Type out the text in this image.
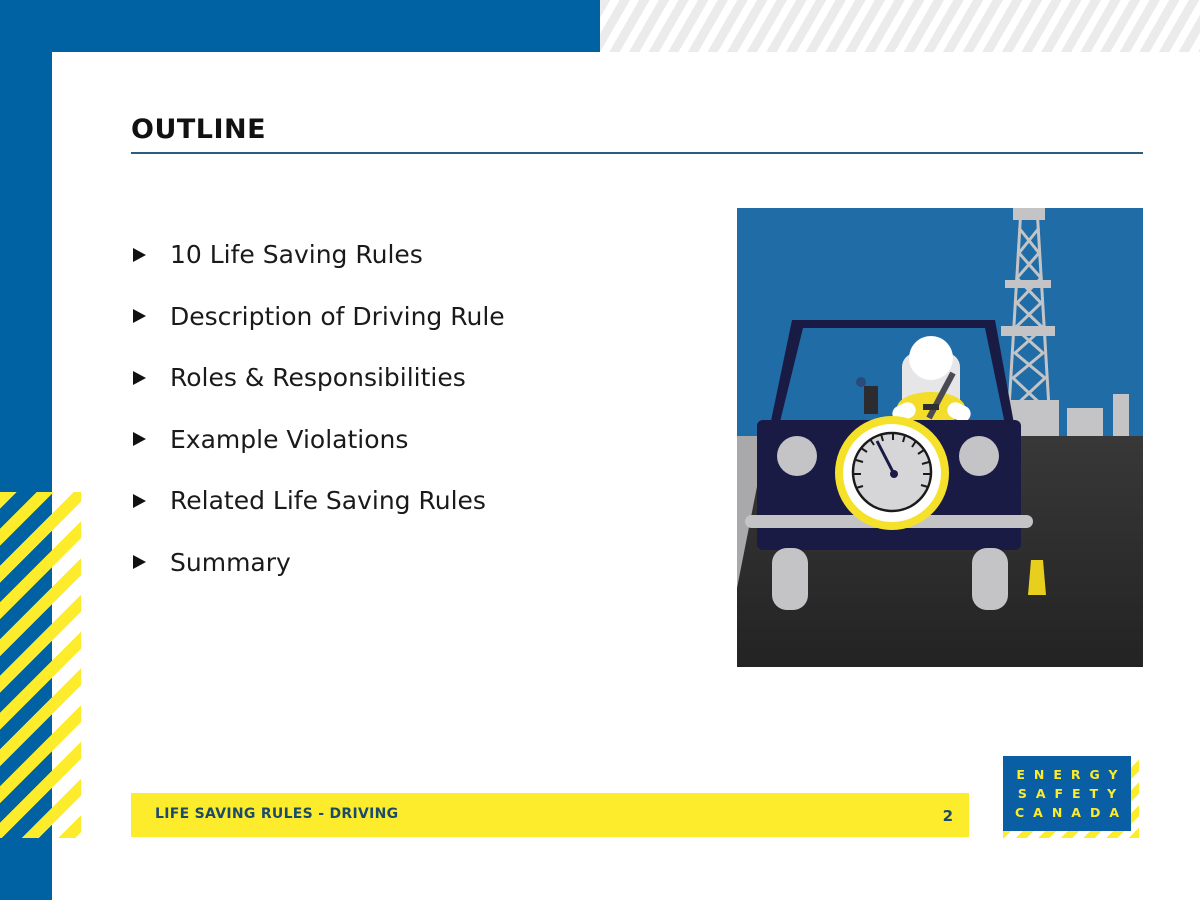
OUTLINE
10 Life Saving Rules
Description of Driving Rule
Roles & Responsibilities
Example Violations
Related Life Saving Rules
Summary
LIFE SAVING RULES - DRIVING	2
ENERGY
SAFETY
CANADA
